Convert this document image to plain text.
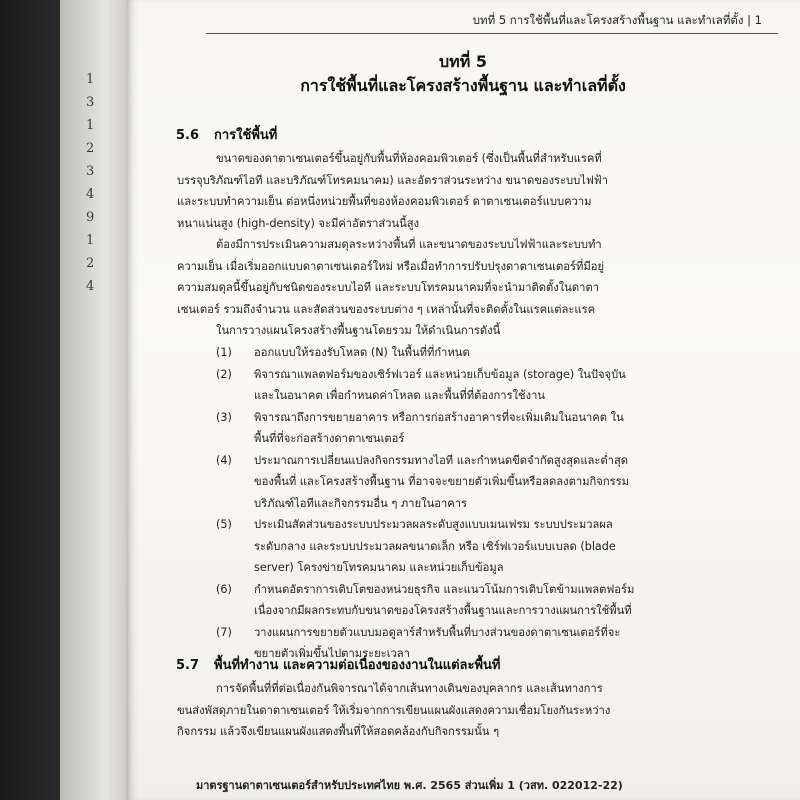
1
3
1
2
3
4
9
1
2
4
บทที่ 5 การใช้พื้นที่และโครงสร้างพื้นฐาน และทำเลที่ตั้ง | 1
บทที่ 5
การใช้พื้นที่และโครงสร้างพื้นฐาน และทำเลที่ตั้ง
5.6 การใช้พื้นที่
ขนาดของดาตาเซนเตอร์ขึ้นอยู่กับพื้นที่ห้องคอมพิวเตอร์ (ซึ่งเป็นพื้นที่สำหรับแรคที่
บรรจุบริภัณฑ์ไอที และบริภัณฑ์โทรคมนาคม) และอัตราส่วนระหว่าง ขนาดของระบบไฟฟ้า
และระบบทำความเย็น ต่อหนึ่งหน่วยพื้นที่ของห้องคอมพิวเตอร์ ดาตาเซนเตอร์แบบความ
หนาแน่นสูง (high-density) จะมีค่าอัตราส่วนนี้สูง
ต้องมีการประเมินความสมดุลระหว่างพื้นที่ และขนาดของระบบไฟฟ้าและระบบทำ
ความเย็น เมื่อเริ่มออกแบบดาตาเซนเตอร์ใหม่ หรือเมื่อทำการปรับปรุงดาตาเซนเตอร์ที่มีอยู่
ความสมดุลนี้ขึ้นอยู่กับชนิดของระบบไอที และระบบโทรคมนาคมที่จะนำมาติดตั้งในดาตา
เซนเตอร์ รวมถึงจำนวน และสัดส่วนของระบบต่าง ๆ เหล่านั้นที่จะติดตั้งในแรคแต่ละแรค
ในการวางแผนโครงสร้างพื้นฐานโดยรวม ให้ดำเนินการดังนี้
(1)	ออกแบบให้รองรับโหลด (N) ในพื้นที่ที่กำหนด
(2)	พิจารณาแพลตฟอร์มของเซิร์ฟเวอร์ และหน่วยเก็บข้อมูล (storage) ในปัจจุบัน
และในอนาคต เพื่อกำหนดค่าโหลด และพื้นที่ที่ต้องการใช้งาน
(3)	พิจารณาถึงการขยายอาคาร หรือการก่อสร้างอาคารที่จะเพิ่มเติมในอนาคต ใน
พื้นที่ที่จะก่อสร้างดาตาเซนเตอร์
(4)	ประมาณการเปลี่ยนแปลงกิจกรรมทางไอที และกำหนดขีดจำกัดสูงสุดและต่ำสุด
ของพื้นที่ และโครงสร้างพื้นฐาน ที่อาจจะขยายตัวเพิ่มขึ้นหรือลดลงตามกิจกรรม
บริภัณฑ์ไอทีและกิจกรรมอื่น ๆ ภายในอาคาร
(5)	ประเมินสัดส่วนของระบบประมวลผลระดับสูงแบบเมนเฟรม ระบบประมวลผล
ระดับกลาง และระบบประมวลผลขนาดเล็ก หรือ เซิร์ฟเวอร์แบบเบลด (blade
server) โครงข่ายโทรคมนาคม และหน่วยเก็บข้อมูล
(6)	กำหนดอัตราการเติบโตของหน่วยธุรกิจ และแนวโน้มการเติบโตข้ามแพลตฟอร์ม
เนื่องจากมีผลกระทบกับขนาดของโครงสร้างพื้นฐานและการวางแผนการใช้พื้นที่
(7)	วางแผนการขยายตัวแบบมอดูลาร์สำหรับพื้นที่บางส่วนของดาตาเซนเตอร์ที่จะ
ขยายตัวเพิ่มขึ้นไปตามระยะเวลา
5.7 พื้นที่ทำงาน และความต่อเนื่องของงานในแต่ละพื้นที่
การจัดพื้นที่ที่ต่อเนื่องกันพิจารณาได้จากเส้นทางเดินของบุคลากร และเส้นทางการ
ขนส่งพัสดุภายในดาตาเซนเตอร์ ให้เริ่มจากการเขียนแผนผังแสดงความเชื่อมโยงกันระหว่าง
กิจกรรม แล้วจึงเขียนแผนผังแสดงพื้นที่ให้สอดคล้องกับกิจกรรมนั้น ๆ
มาตรฐานดาตาเซนเตอร์สำหรับประเทศไทย พ.ศ. 2565 ส่วนเพิ่ม 1 (วสท. 022012-22)
